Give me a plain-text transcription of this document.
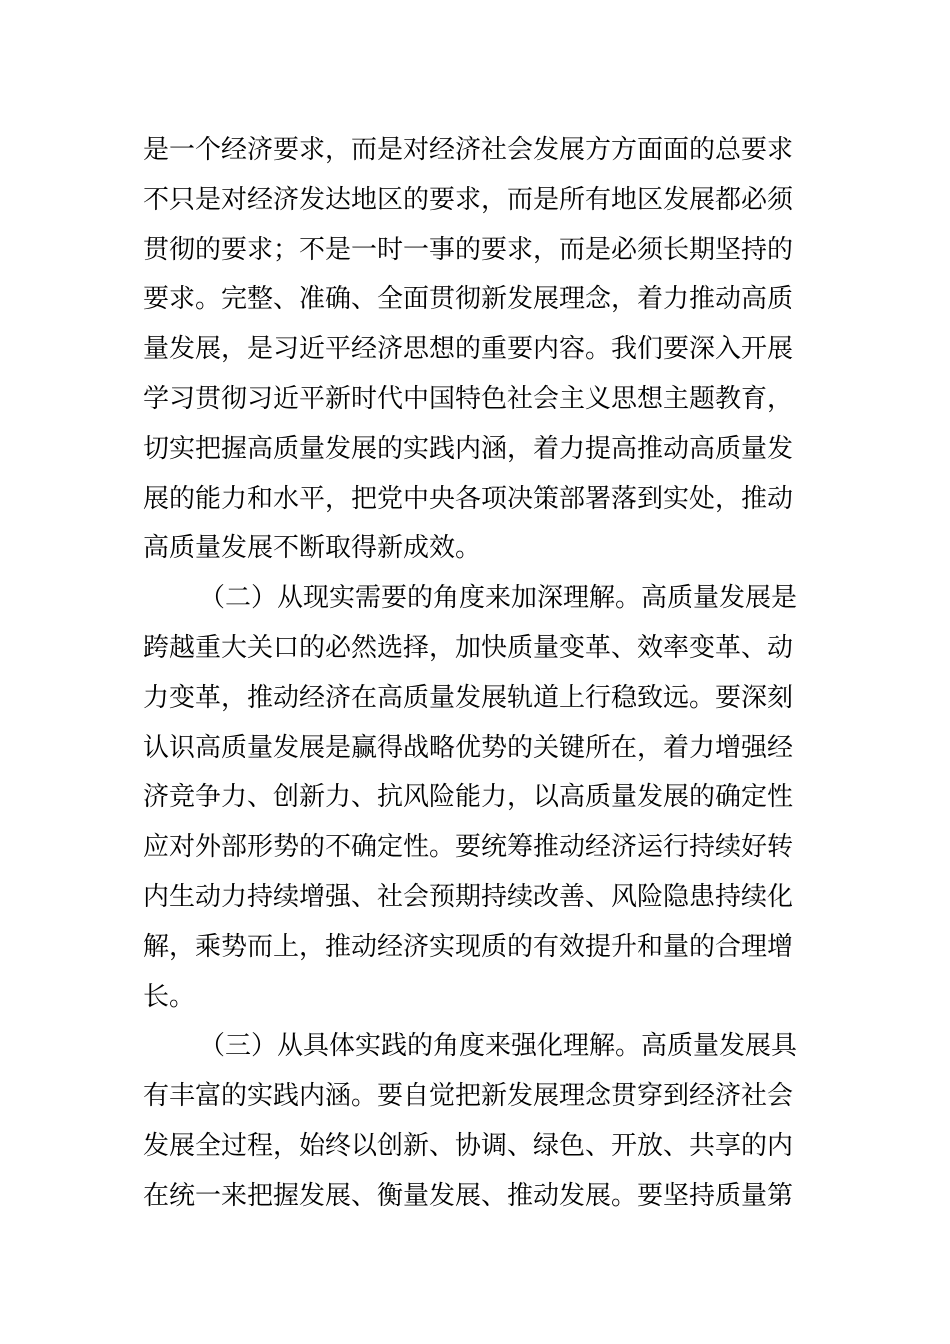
是一个经济要求，而是对经济社会发展方方面面的总要求
不只是对经济发达地区的要求，而是所有地区发展都必须
贯彻的要求；不是一时一事的要求，而是必须长期坚持的
要求。完整、准确、全面贯彻新发展理念，着力推动高质
量发展，是习近平经济思想的重要内容。我们要深入开展
学习贯彻习近平新时代中国特色社会主义思想主题教育，
切实把握高质量发展的实践内涵，着力提高推动高质量发
展的能力和水平，把党中央各项决策部署落到实处，推动
高质量发展不断取得新成效。
（二）从现实需要的角度来加深理解。高质量发展是
跨越重大关口的必然选择，加快质量变革、效率变革、动
力变革，推动经济在高质量发展轨道上行稳致远。要深刻
认识高质量发展是赢得战略优势的关键所在，着力增强经
济竞争力、创新力、抗风险能力，以高质量发展的确定性
应对外部形势的不确定性。要统筹推动经济运行持续好转
内生动力持续增强、社会预期持续改善、风险隐患持续化
解，乘势而上，推动经济实现质的有效提升和量的合理增
长。
（三）从具体实践的角度来强化理解。高质量发展具
有丰富的实践内涵。要自觉把新发展理念贯穿到经济社会
发展全过程，始终以创新、协调、绿色、开放、共享的内
在统一来把握发展、衡量发展、推动发展。要坚持质量第
